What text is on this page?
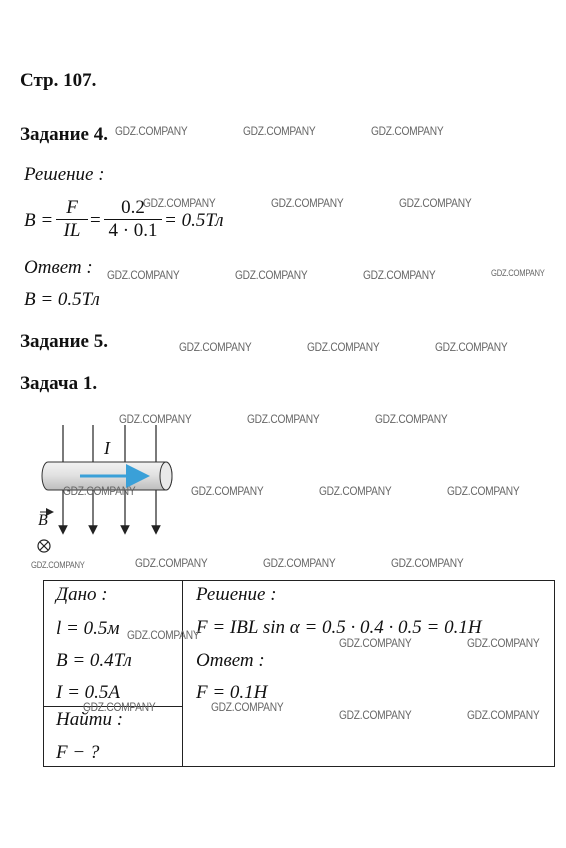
Стр. 107.
Задание 4.
Решение :
B =
F
IL =
0.2
4 · 0.1 = 0.5Тл
Ответ :
B = 0.5Тл
Задание 5.
Задача 1.
I
B
Дано :
l = 0.5м
B = 0.4Тл
I = 0.5A
Найти :
F − ?
Решение :
F = IBL sin α = 0.5 · 0.4 · 0.5 = 0.1H
Ответ :
F = 0.1H
GDZ.COMPANY	GDZ.COMPANY	GDZ.COMPANY
GDZ.COMPANY	GDZ.COMPANY	GDZ.COMPANY
GDZ.COMPANY	GDZ.COMPANY	GDZ.COMPANY	GDZ.COMPANY
GDZ.COMPANY	GDZ.COMPANY	GDZ.COMPANY
GDZ.COMPANY	GDZ.COMPANY	GDZ.COMPANY
GDZ.COMPANY	GDZ.COMPANY	GDZ.COMPANY	GDZ.COMPANY
GDZ.COMPANY	GDZ.COMPANY	GDZ.COMPANY	GDZ.COMPANY
GDZ.COMPANY
GDZ.COMPANY	GDZ.COMPANY
GDZ.COMPANY	GDZ.COMPANY
GDZ.COMPANY	GDZ.COMPANY
